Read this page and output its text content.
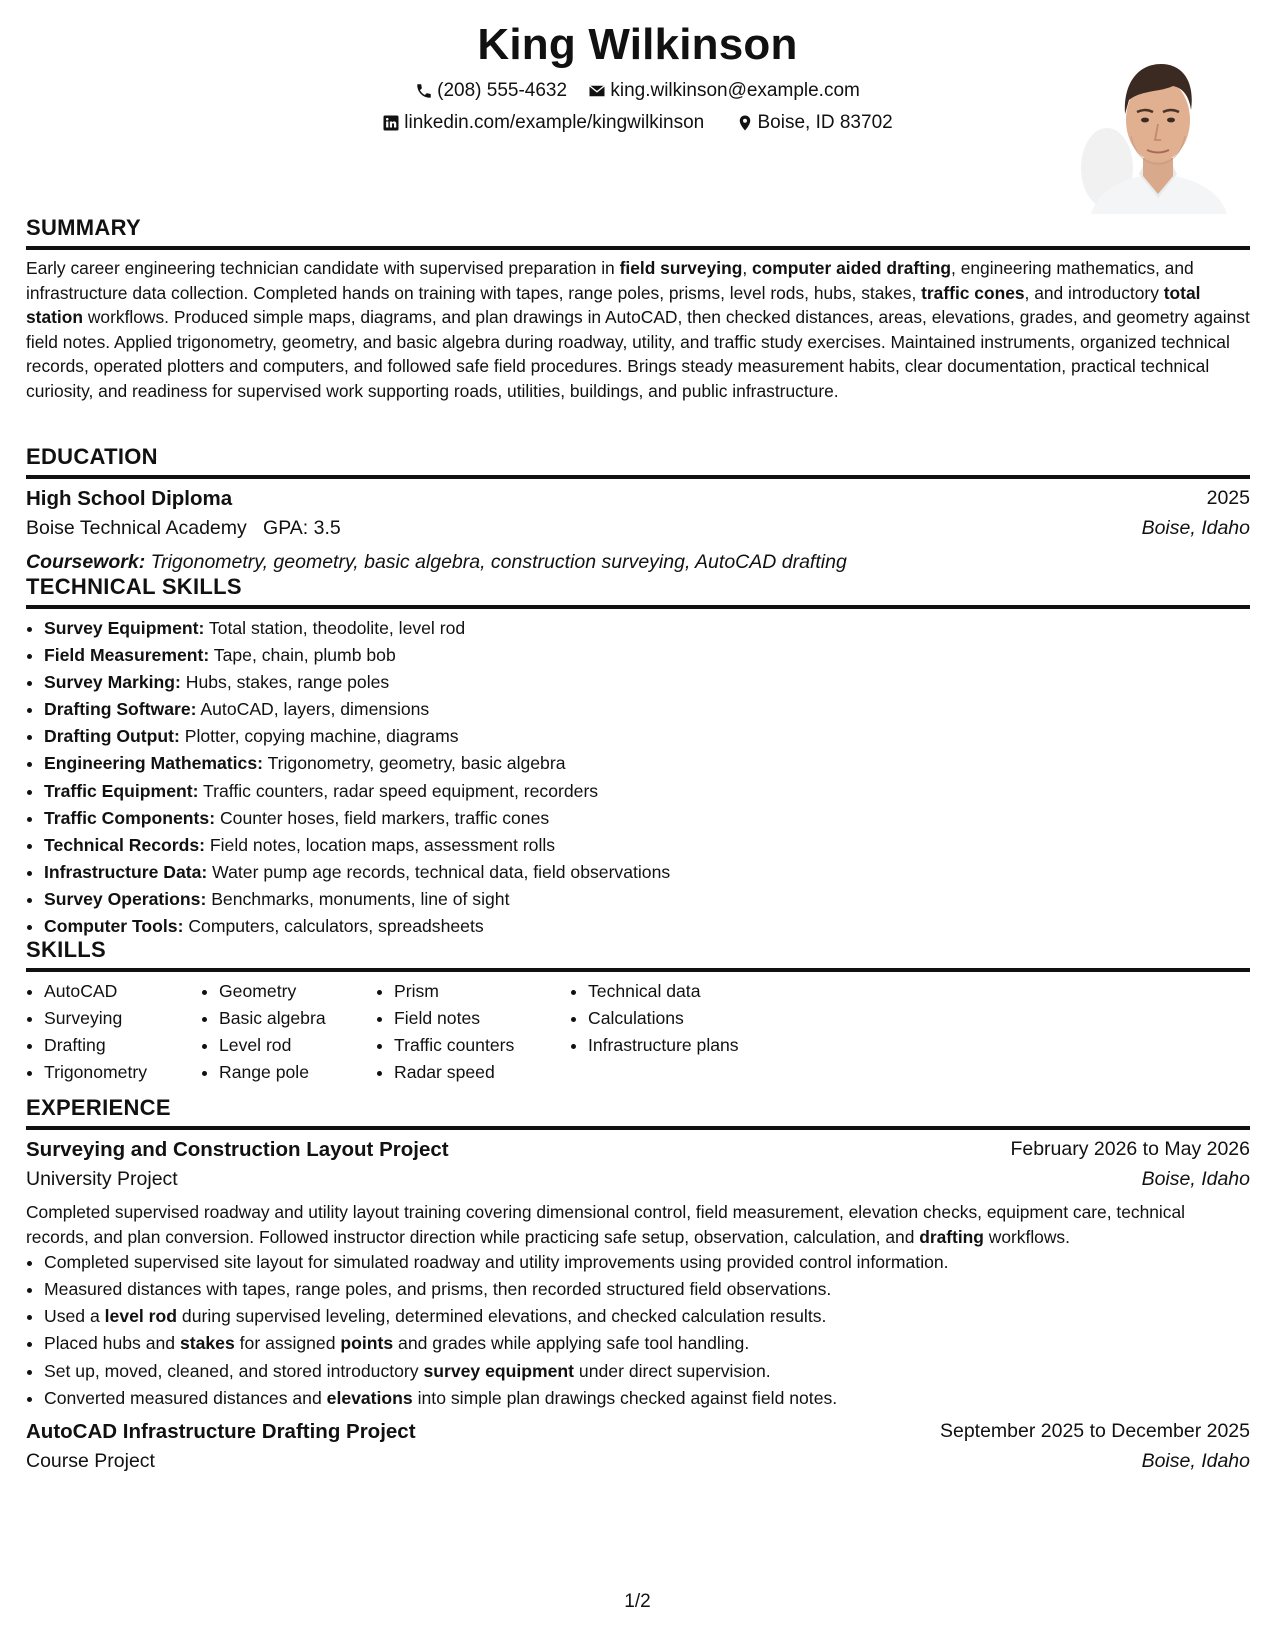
King Wilkinson
(208) 555-4632
king.wilkinson@example.com
linkedin.com/example/kingwilkinson
	Boise, ID 83702
SUMMARY
Early career engineering technician candidate with supervised preparation in field surveying, computer aided drafting, engineering mathematics, and infrastructure data collection. Completed hands on training with tapes, range poles, prisms, level rods, hubs, stakes, traffic cones, and introductory total station workflows. Produced simple maps, diagrams, and plan drawings in AutoCAD, then checked distances, areas, elevations, grades, and geometry against field notes. Applied trigonometry, geometry, and basic algebra during roadway, utility, and traffic study exercises. Maintained instruments, organized technical records, operated plotters and computers, and followed safe field procedures. Brings steady measurement habits, clear documentation, practical technical curiosity, and readiness for supervised work supporting roads, utilities, buildings, and public infrastructure.
EDUCATION
High School Diploma	2025
Boise Technical Academy GPA: 3.5	Boise, Idaho
Coursework: Trigonometry, geometry, basic algebra, construction surveying, AutoCAD drafting
TECHNICAL SKILLS
• Survey Equipment: Total station, theodolite, level rod
• Field Measurement: Tape, chain, plumb bob
• Survey Marking: Hubs, stakes, range poles
• Drafting Software: AutoCAD, layers, dimensions
• Drafting Output: Plotter, copying machine, diagrams
• Engineering Mathematics: Trigonometry, geometry, basic algebra
• Traffic Equipment: Traffic counters, radar speed equipment, recorders
• Traffic Components: Counter hoses, field markers, traffic cones
• Technical Records: Field notes, location maps, assessment rolls
• Infrastructure Data: Water pump age records, technical data, field observations
• Survey Operations: Benchmarks, monuments, line of sight
• Computer Tools: Computers, calculators, spreadsheets
SKILLS
• AutoCAD
• Surveying
• Drafting
• Trigonometry
• Geometry
• Basic algebra
• Level rod
• Range pole
• Prism
• Field notes
• Traffic counters
• Radar speed
• Technical data
• Calculations
• Infrastructure plans
EXPERIENCE
Surveying and Construction Layout Project	February 2026 to May 2026
University Project	Boise, Idaho
Completed supervised roadway and utility layout training covering dimensional control, field measurement, elevation checks, equipment care, technical records, and plan conversion. Followed instructor direction while practicing safe setup, observation, calculation, and drafting workflows.
• Completed supervised site layout for simulated roadway and utility improvements using provided control information.
• Measured distances with tapes, range poles, and prisms, then recorded structured field observations.
• Used a level rod during supervised leveling, determined elevations, and checked calculation results.
• Placed hubs and stakes for assigned points and grades while applying safe tool handling.
• Set up, moved, cleaned, and stored introductory survey equipment under direct supervision.
• Converted measured distances and elevations into simple plan drawings checked against field notes.
AutoCAD Infrastructure Drafting Project	September 2025 to December 2025
Course Project	Boise, Idaho
1/2
